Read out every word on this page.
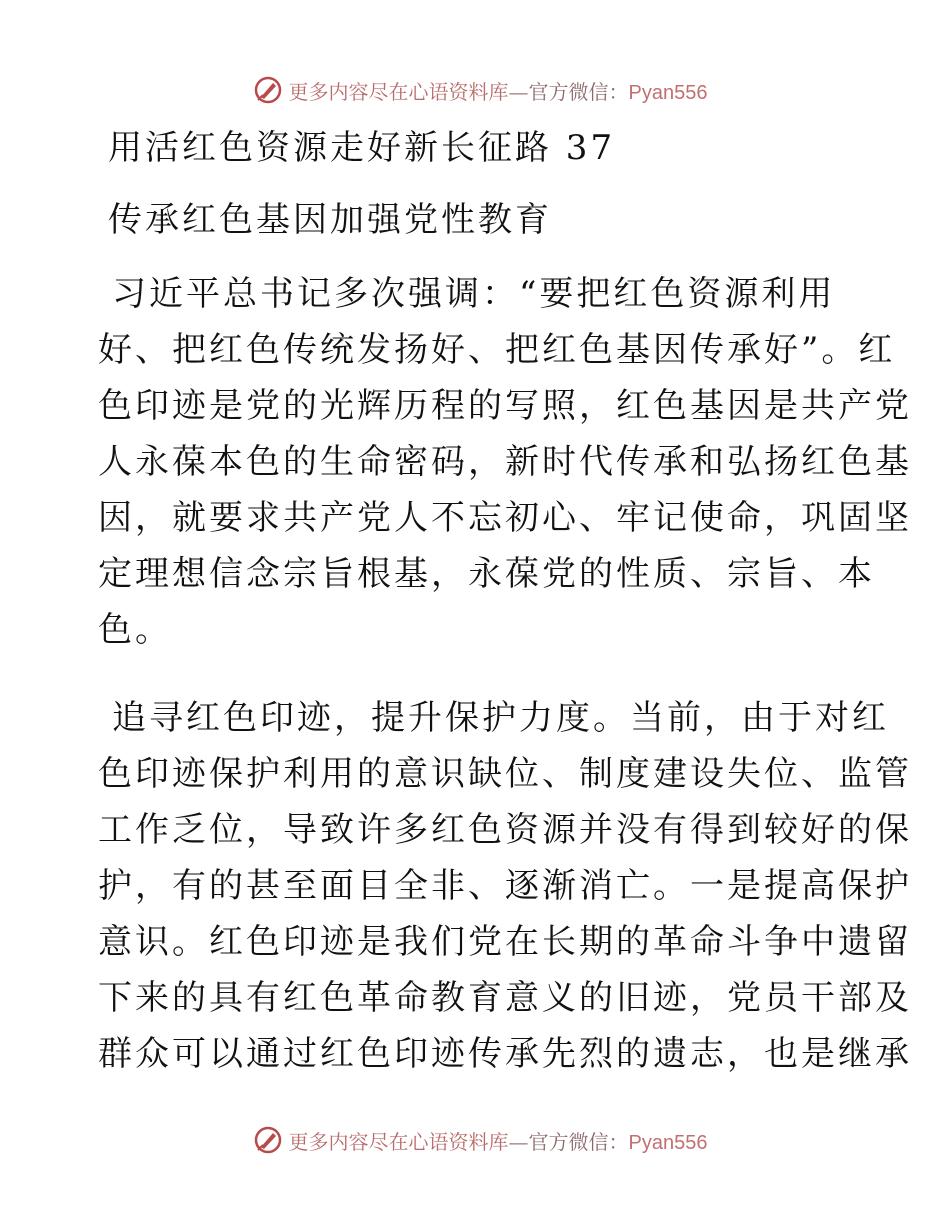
更多内容尽在心语资料库—官方微信：Pyan556
用活红色资源走好新长征路 37
传承红色基因加强党性教育
习近平总书记多次强调：“要把红色资源利用
好、把红色传统发扬好、把红色基因传承好”。红
色印迹是党的光辉历程的写照，红色基因是共产党
人永葆本色的生命密码，新时代传承和弘扬红色基
因，就要求共产党人不忘初心、牢记使命，巩固坚
定理想信念宗旨根基，永葆党的性质、宗旨、本
色。
追寻红色印迹，提升保护力度。当前，由于对红
色印迹保护利用的意识缺位、制度建设失位、监管
工作乏位，导致许多红色资源并没有得到较好的保
护，有的甚至面目全非、逐渐消亡。一是提高保护
意识。红色印迹是我们党在长期的革命斗争中遗留
下来的具有红色革命教育意义的旧迹，党员干部及
群众可以通过红色印迹传承先烈的遗志，也是继承
更多内容尽在心语资料库—官方微信：Pyan556
